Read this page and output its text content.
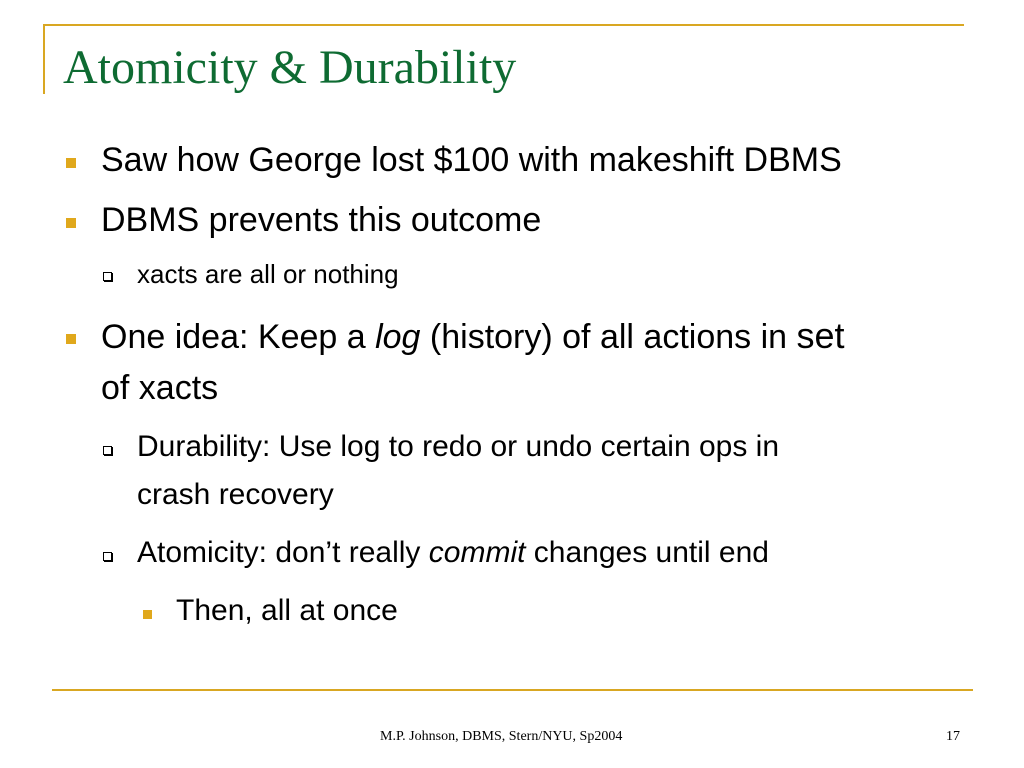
Atomicity & Durability
Saw how George lost $100 with makeshift DBMS
DBMS prevents this outcome
xacts are all or nothing
One idea: Keep a log (history) of all actions in set
of xacts
Durability: Use log to redo or undo certain ops in
crash recovery
Atomicity: don’t really commit changes until end
Then, all at once
M.P. Johnson, DBMS, Stern/NYU, Sp2004	17
